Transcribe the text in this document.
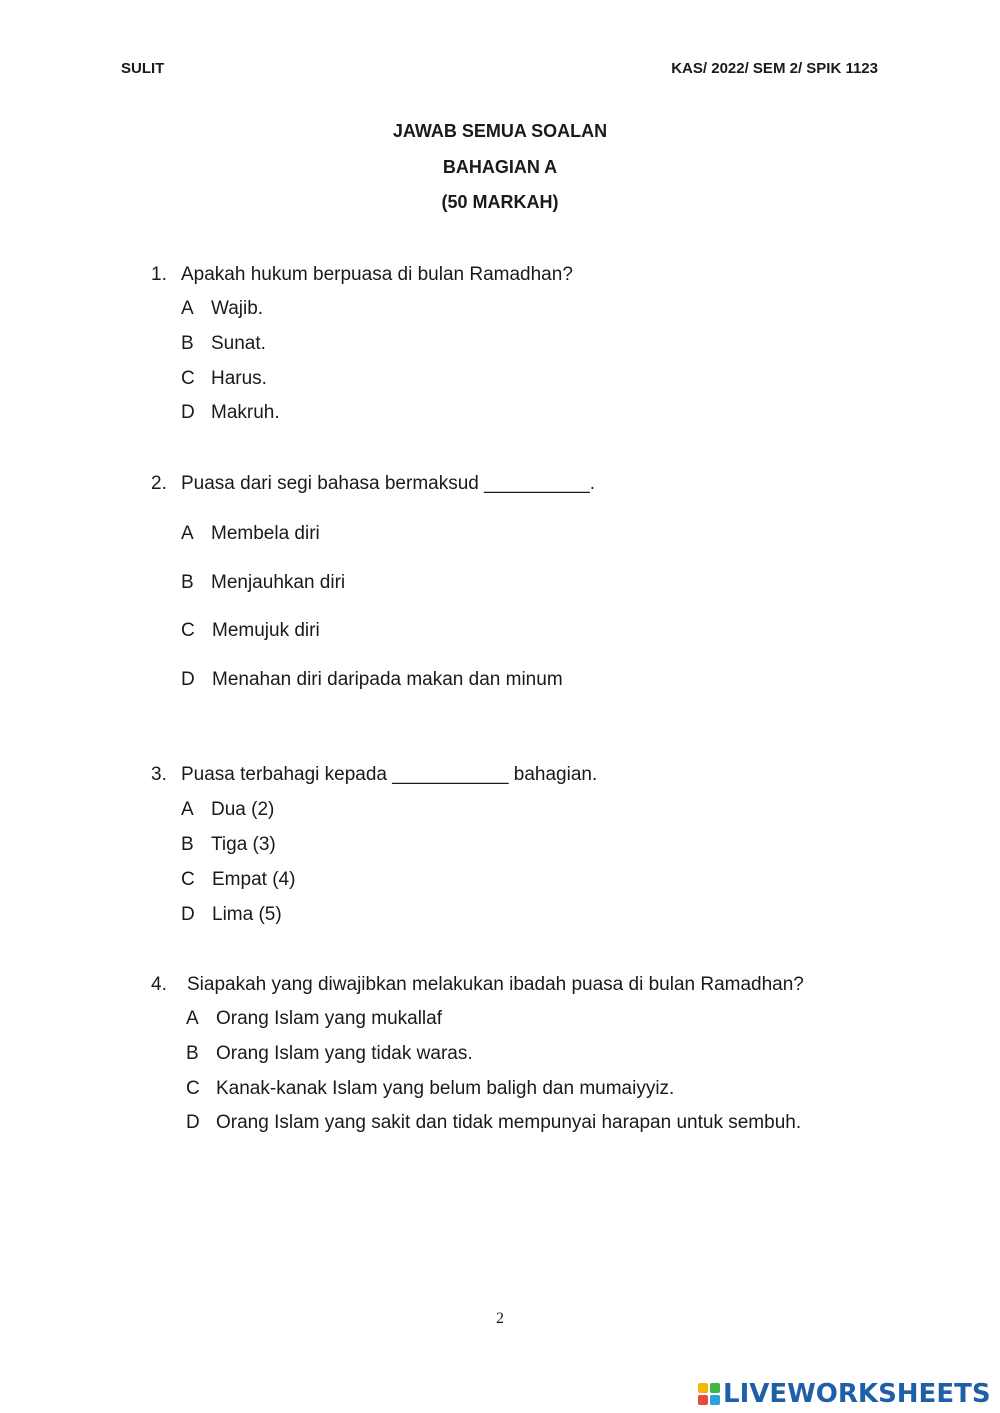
SULIT	KAS/ 2022/ SEM 2/ SPIK 1123
JAWAB SEMUA SOALAN
BAHAGIAN A
(50 MARKAH)
1. Apakah hukum berpuasa di bulan Ramadhan?
A Wajib.
B Sunat.
C Harus.
D Makruh.
2. Puasa dari segi bahasa bermaksud __________.
A Membela diri
B Menjauhkan diri
C Memujuk diri
D Menahan diri daripada makan dan minum
3. Puasa terbahagi kepada ___________ bahagian.
A Dua (2)
B Tiga (3)
C Empat (4)
D Lima (5)
4. Siapakah yang diwajibkan melakukan ibadah puasa di bulan Ramadhan?
A Orang Islam yang mukallaf
B Orang Islam yang tidak waras.
C Kanak-kanak Islam yang belum baligh dan mumaiyyiz.
D Orang Islam yang sakit dan tidak mempunyai harapan untuk sembuh.
2
LIVEWORKSHEETS
